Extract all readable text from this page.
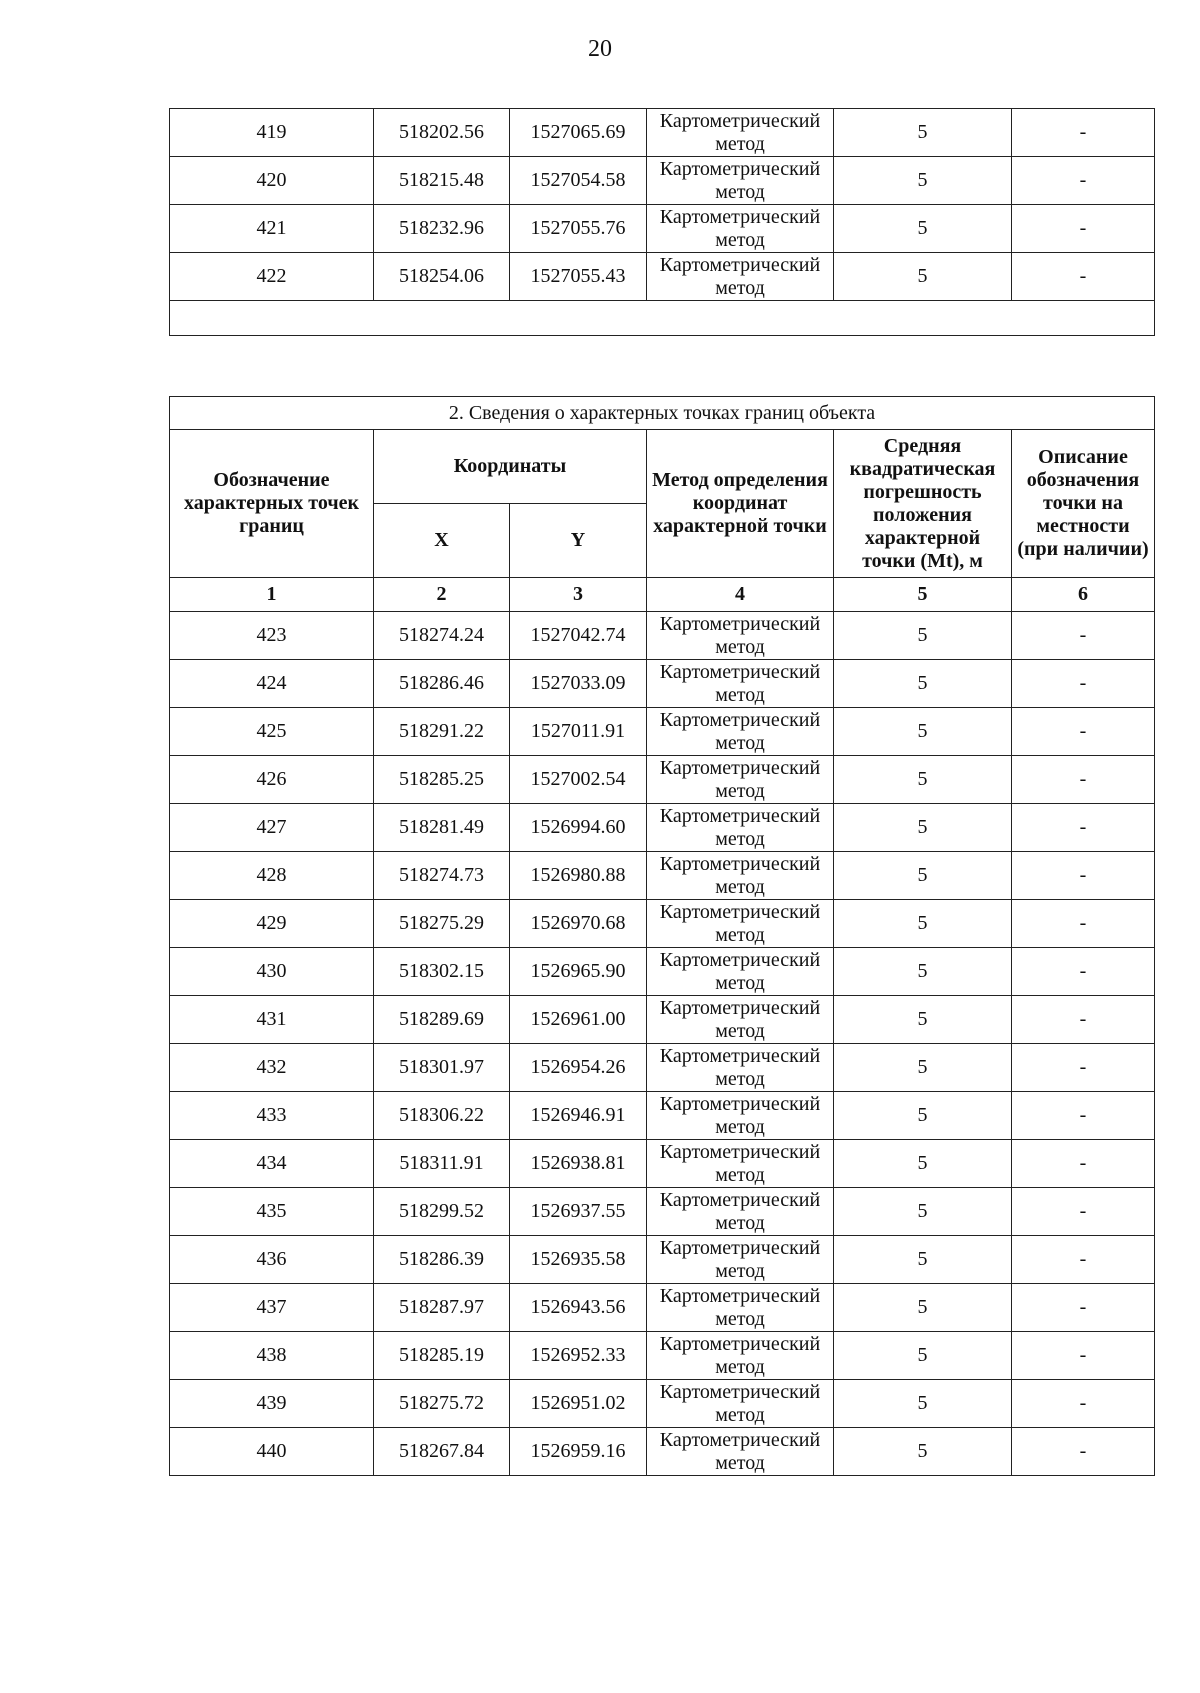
20
419	518202.56	1527065.69	Картометрический метод	5	-
420	518215.48	1527054.58	Картометрический метод	5	-
421	518232.96	1527055.76	Картометрический метод	5	-
422	518254.06	1527055.43	Картометрический метод	5	-

2. Сведения о характерных точках границ объекта					
Обозначение характерных точек границ	Координаты		Метод определения координат характерной точки	Средняя квадратическая погрешность положения характерной точки (Mt), м	Описание обозначения точки на местности (при наличии)
	X	Y			
1	2	3	4	5	6
423	518274.24	1527042.74	Картометрический метод	5	-
424	518286.46	1527033.09	Картометрический метод	5	-
425	518291.22	1527011.91	Картометрический метод	5	-
426	518285.25	1527002.54	Картометрический метод	5	-
427	518281.49	1526994.60	Картометрический метод	5	-
428	518274.73	1526980.88	Картометрический метод	5	-
429	518275.29	1526970.68	Картометрический метод	5	-
430	518302.15	1526965.90	Картометрический метод	5	-
431	518289.69	1526961.00	Картометрический метод	5	-
432	518301.97	1526954.26	Картометрический метод	5	-
433	518306.22	1526946.91	Картометрический метод	5	-
434	518311.91	1526938.81	Картометрический метод	5	-
435	518299.52	1526937.55	Картометрический метод	5	-
436	518286.39	1526935.58	Картометрический метод	5	-
437	518287.97	1526943.56	Картометрический метод	5	-
438	518285.19	1526952.33	Картометрический метод	5	-
439	518275.72	1526951.02	Картометрический метод	5	-
440	518267.84	1526959.16	Картометрический метод	5	-
